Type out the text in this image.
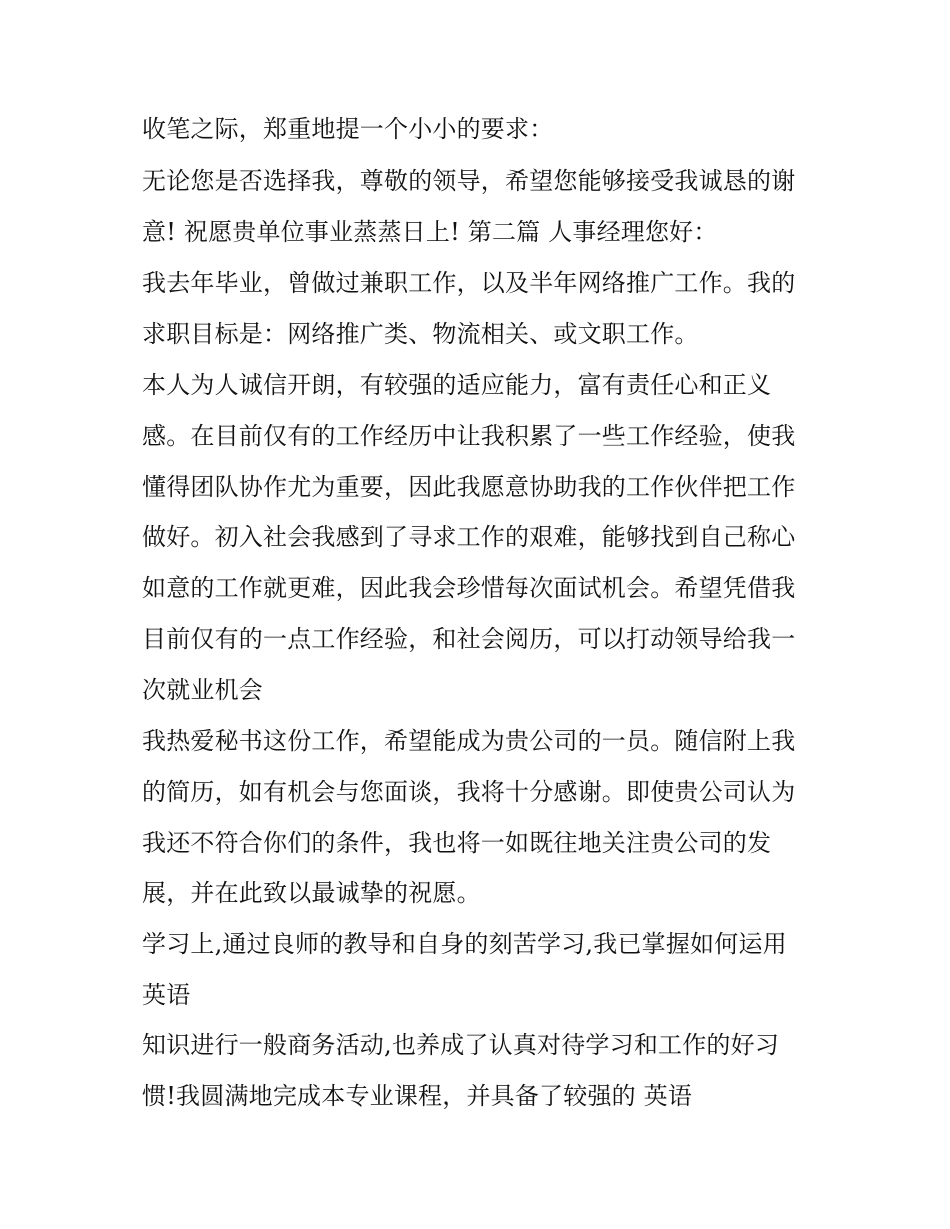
收笔之际，郑重地提一个小小的要求：
无论您是否选择我，尊敬的领导，希望您能够接受我诚恳的谢
意! 祝愿贵单位事业蒸蒸日上! 第二篇 人事经理您好：
我去年毕业，曾做过兼职工作，以及半年网络推广工作。我的
求职目标是：网络推广类、物流相关、或文职工作。
本人为人诚信开朗，有较强的适应能力，富有责任心和正义
感。在目前仅有的工作经历中让我积累了一些工作经验，使我
懂得团队协作尤为重要，因此我愿意协助我的工作伙伴把工作
做好。初入社会我感到了寻求工作的艰难，能够找到自己称心
如意的工作就更难，因此我会珍惜每次面试机会。希望凭借我
目前仅有的一点工作经验，和社会阅历，可以打动领导给我一
次就业机会
我热爱秘书这份工作，希望能成为贵公司的一员。随信附上我
的简历，如有机会与您面谈，我将十分感谢。即使贵公司认为
我还不符合你们的条件，我也将一如既往地关注贵公司的发
展，并在此致以最诚挚的祝愿。
学习上,通过良师的教导和自身的刻苦学习,我已掌握如何运用
英语
知识进行一般商务活动,也养成了认真对待学习和工作的好习
惯!我圆满地完成本专业课程，并具备了较强的 英语
